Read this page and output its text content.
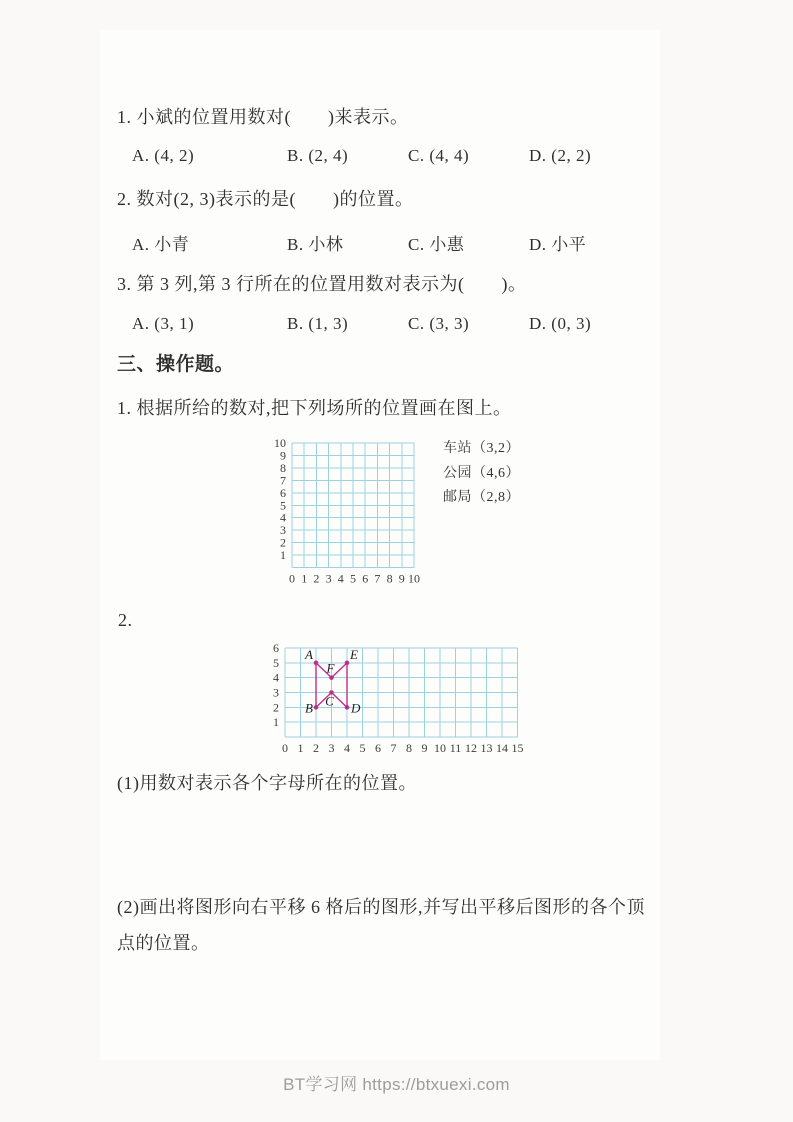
1. 小斌的位置用数对(　　)来表示。
A. (4, 2)	B. (2, 4)	C. (4, 4)	D. (2, 2)
2. 数对(2, 3)表示的是(　　)的位置。
A. 小青	B. 小林	C. 小惠	D. 小平
3. 第 3 列,第 3 行所在的位置用数对表示为(　　)。
A. (3, 1)	B. (1, 3)	C. (3, 3)	D. (0, 3)
三、操作题。
1. 根据所给的数对,把下列场所的位置画在图上。
0 1 2 3 4 5 6 7 8 9 10
1
2
3
4
5
6
7
8
9
10	车站（3,2）
公园（4,6）
邮局（2,8）
2.
0 1 2 3 4 5 6 7 8 9 10 11 12 13 14 15
1
2
3
4
5
6 A
B C D
E
F
(1)用数对表示各个字母所在的位置。
(2)画出将图形向右平移 6 格后的图形,并写出平移后图形的各个顶
点的位置。
BT学习网 https://btxuexi.com
